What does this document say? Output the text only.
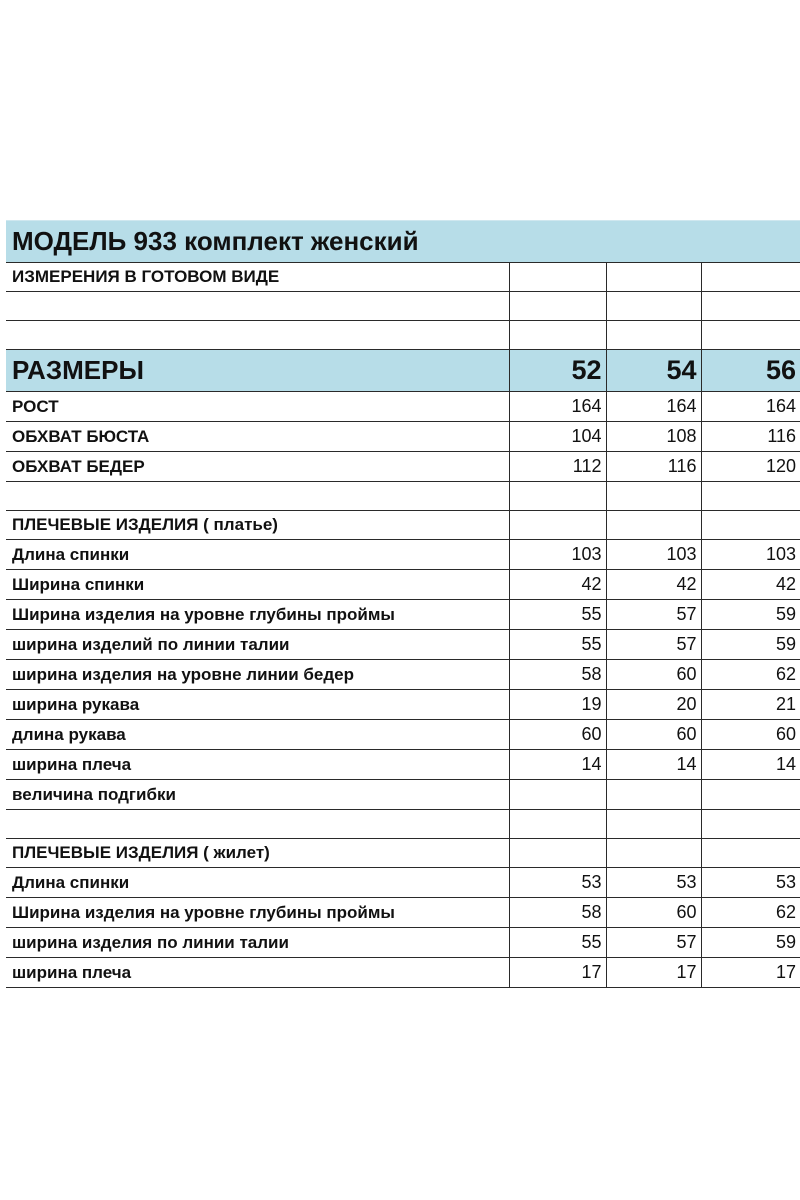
МОДЕЛЬ 933 комплект женский			
ИЗМЕРЕНИЯ В ГОТОВОМ ВИДЕ			

РАЗМЕРЫ	52	54	56
РОСТ	164	164	164
ОБХВАТ БЮСТА	104	108	116
ОБХВАТ БЕДЕР	112	116	120

ПЛЕЧЕВЫЕ ИЗДЕЛИЯ ( платье)			
Длина спинки	103	103	103
Ширина спинки	42	42	42
Ширина изделия на уровне глубины проймы	55	57	59
ширина изделий по линии талии	55	57	59
ширина изделия на уровне линии бедер	58	60	62
ширина рукава	19	20	21
длина рукава	60	60	60
ширина плеча	14	14	14
величина подгибки			

ПЛЕЧЕВЫЕ ИЗДЕЛИЯ ( жилет)			
Длина спинки	53	53	53
Ширина изделия на уровне глубины проймы	58	60	62
ширина изделия по линии талии	55	57	59
ширина плеча	17	17	17
